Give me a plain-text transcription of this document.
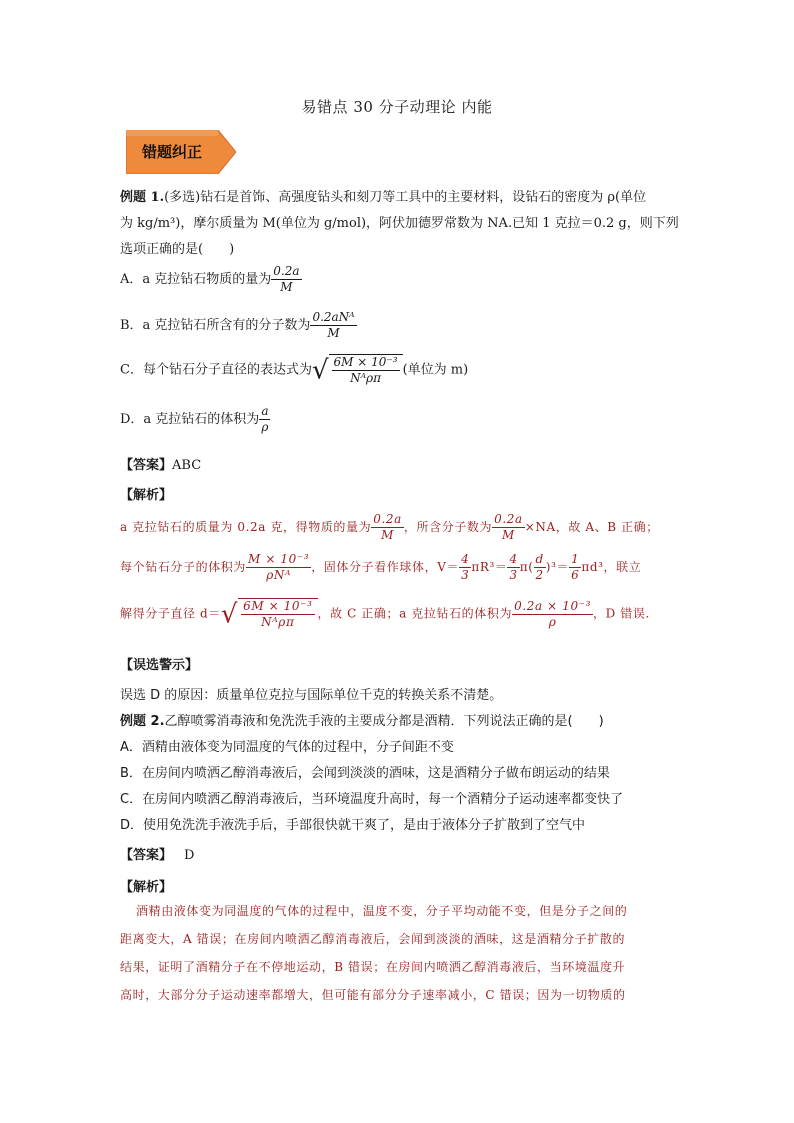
易错点 30 分子动理论 内能
错题纠正
例题 1.(多选)钻石是首饰、高强度钻头和刻刀等工具中的主要材料，设钻石的密度为 ρ(单位
为 kg/m³)，摩尔质量为 M(单位为 g/mol)，阿伏加德罗常数为 NA.已知 1 克拉＝0.2 g，则下列
选项正确的是(　　)
A．a 克拉钻石物质的量为 $\frac{0.2a}{M}$
B．a 克拉钻石所含有的分子数为 $\frac{\text{0.2aNᴬ}}{M}$
C．每个钻石分子直径的表达式为√ $\frac{\text{6M × 10⁻³}}{\text{Nᴬρπ}}$ (单位为 m)
D．a 克拉钻石的体积为 $\frac{a}{\rho}$
【答案】ABC
【解析】
a 克拉钻石的质量为 0.2a 克，得物质的量为 $\frac{0.2a}{M}$ ，所含分子数为 $\frac{0.2a}{M} \times NA$，故 A、B 正确；
每个钻石分子的体积为 $\frac{\text{M × 10⁻³}}{\text{ρNᴬ}}$ ，固体分子看作球体，$V= \frac{4}{3} \pi R^3= \frac{4}{3} \pi( \frac{d}{2} )^3= \frac{1}{6} \pi d^3$，联立
解得分子直径 $d=√ \frac{\text{6M × 10⁻³}}{\text{Nᴬρπ}}$ ，故 C 正确；a 克拉钻石的体积为 $\frac{\text{0.2a × 10⁻³}}{\rho}$ ，D 错误.
【误选警示】
误选 D 的原因：质量单位克拉与国际单位千克的转换关系不清楚。
例题 2.乙醇喷雾消毒液和免洗洗手液的主要成分都是酒精．下列说法正确的是(　　)
A．酒精由液体变为同温度的气体的过程中，分子间距不变
B．在房间内喷洒乙醇消毒液后，会闻到淡淡的酒味，这是酒精分子做布朗运动的结果
C．在房间内喷洒乙醇消毒液后，当环境温度升高时，每一个酒精分子运动速率都变快了
D．使用免洗洗手液洗手后，手部很快就干爽了，是由于液体分子扩散到了空气中
【答案】 D
【解析】
酒精由液体变为同温度的气体的过程中，温度不变，分子平均动能不变，但是分子之间的
距离变大，A 错误；在房间内喷洒乙醇消毒液后，会闻到淡淡的酒味，这是酒精分子扩散的
结果，证明了酒精分子在不停地运动，B 错误；在房间内喷洒乙醇消毒液后，当环境温度升
高时，大部分分子运动速率都增大，但可能有部分分子速率减小，C 错误；因为一切物质的
